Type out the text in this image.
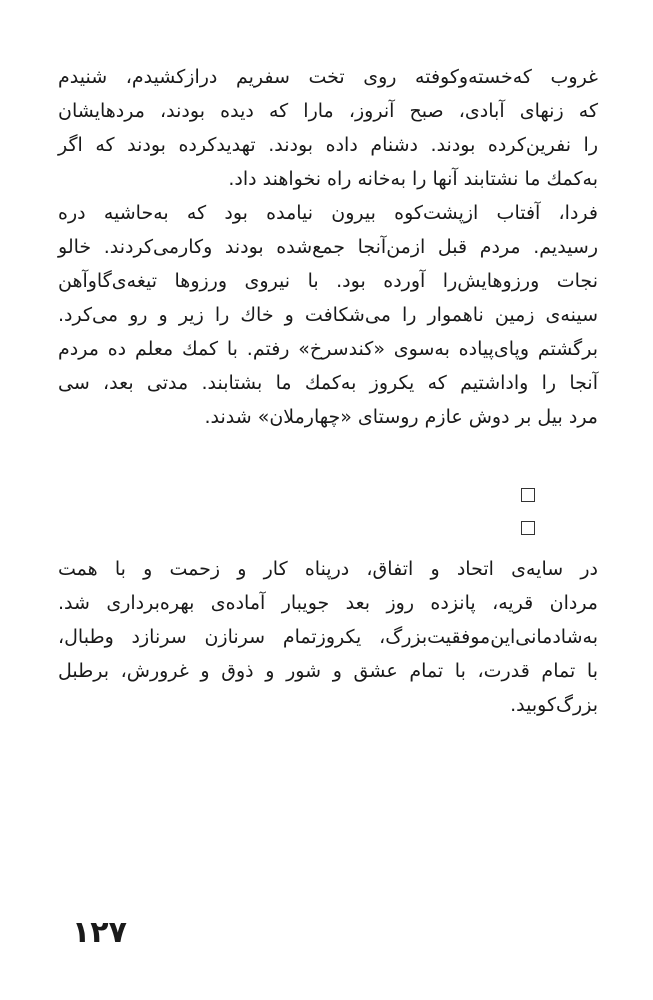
غروب که‌خسته‌وکوفته روی تخت سفریم درازکشیدم، شنیدم
که زنهای آبادی، صبح آنروز، مارا که دیده بودند، مردهایشان
را نفرین‌کرده بودند. دشنام داده بودند. تهدیدکرده بودند که اگر
به‌کمك ما نشتابند آنها را به‌خانه راه نخواهند داد.
فردا، آفتاب ازپشت‌کوه بیرون نیامده بود که به‌حاشیه دره
رسیدیم. مردم قبل ازمن‌آنجا جمع‌شده بودند وکارمی‌کردند. خالو
نجات ورزوهایش‌را آورده بود. با نیروی ورزوها تیغه‌ی‌گاوآهن
سینه‌ی زمین ناهموار را می‌شکافت و خاك را زیر و رو می‌کرد.
برگشتم وپای‌پیاده به‌سوی «کندسرخ» رفتم. با کمك معلم ده مردم
آنجا را واداشتیم که یکروز به‌کمك ما بشتابند. مدتی بعد، سی
مرد بیل بر دوش عازم روستای «چهارملان» شدند.
در سایه‌ی اتحاد و اتفاق، درپناه کار و زحمت و با همت
مردان قریه، پانزده روز بعد جویبار آماده‌ی بهره‌برداری شد.
به‌شادمانی‌این‌موفقیت‌بزرگ، یکروزتمام سرنازن سرنازد وطبال،
با تمام قدرت، با تمام عشق و شور و ذوق و غرورش، برطبل
بزرگ‌کوبید.
۱۲۷
